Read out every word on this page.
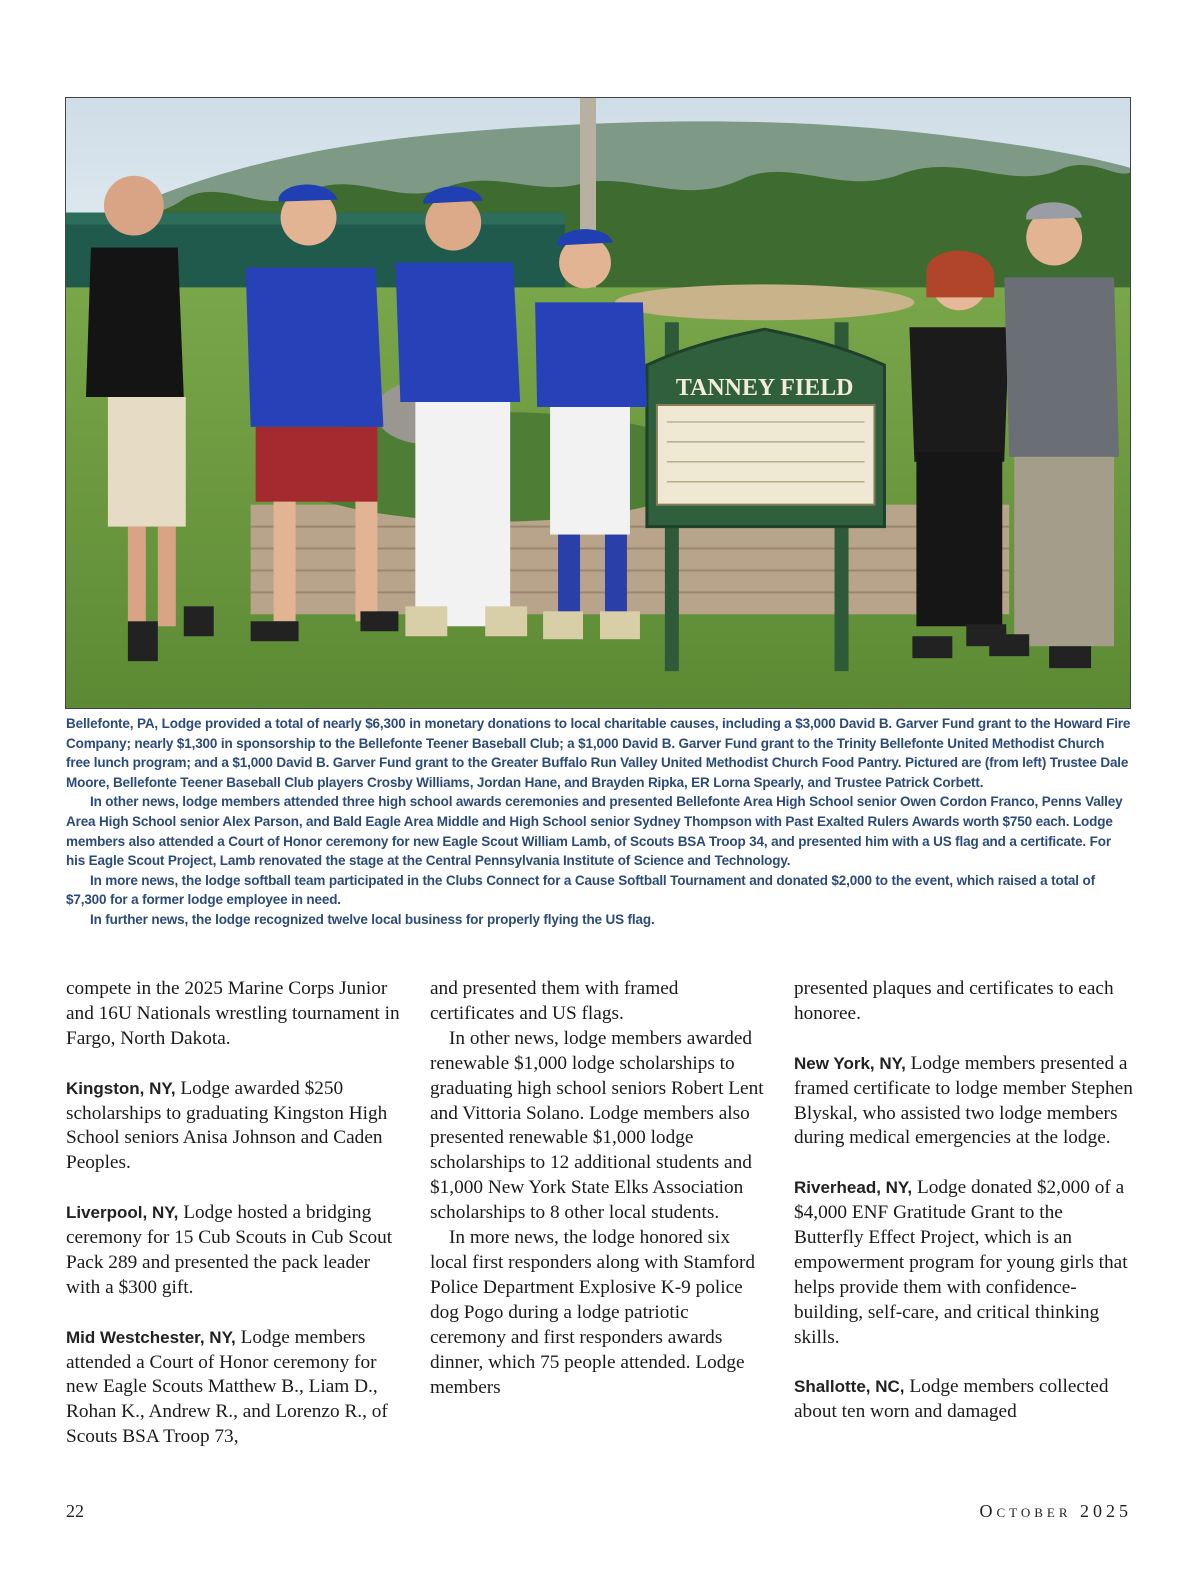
TANNEY FIELD

Bellefonte, PA, Lodge provided a total of nearly $6,300 in monetary donations to local charitable causes, including a $3,000 David B. Garver Fund grant to the Howard Fire Company; nearly $1,300 in sponsorship to the Bellefonte Teener Baseball Club; a $1,000 David B. Garver Fund grant to the Trinity Bellefonte United Methodist Church free lunch program; and a $1,000 David B. Garver Fund grant to the Greater Buffalo Run Valley United Methodist Church Food Pantry. Pictured are (from left) Trustee Dale Moore, Bellefonte Teener Baseball Club players Crosby Williams, Jordan Hane, and Brayden Ripka, ER Lorna Spearly, and Trustee Patrick Corbett.

In other news, lodge members attended three high school awards ceremonies and presented Bellefonte Area High School senior Owen Cordon Franco, Penns Valley Area High School senior Alex Parson, and Bald Eagle Area Middle and High School senior Sydney Thompson with Past Exalted Rulers Awards worth $750 each. Lodge members also attended a Court of Honor ceremony for new Eagle Scout William Lamb, of Scouts BSA Troop 34, and presented him with a US flag and a certificate. For his Eagle Scout Project, Lamb renovated the stage at the Central Pennsylvania Institute of Science and Technology.

In more news, the lodge softball team participated in the Clubs Connect for a Cause Softball Tournament and donated $2,000 to the event, which raised a total of $7,300 for a former lodge employee in need.

In further news, the lodge recognized twelve local business for properly flying the US flag.

compete in the 2025 Marine Corps Junior and 16U Nationals wrestling tournament in Fargo, North Dakota.

Kingston, NY, Lodge awarded $250 scholarships to graduating Kingston High School seniors Anisa Johnson and Caden Peoples.

Liverpool, NY, Lodge hosted a bridging ceremony for 15 Cub Scouts in Cub Scout Pack 289 and presented the pack leader with a $300 gift.

Mid Westchester, NY, Lodge members attended a Court of Honor ceremony for new Eagle Scouts Matthew B., Liam D., Rohan K., Andrew R., and Lorenzo R., of Scouts BSA Troop 73,

and presented them with framed certificates and US flags.

In other news, lodge members awarded renewable $1,000 lodge scholarships to graduating high school seniors Robert Lent and Vittoria Solano. Lodge members also presented renewable $1,000 lodge scholarships to 12 additional students and $1,000 New York State Elks Association scholarships to 8 other local students.

In more news, the lodge honored six local first responders along with Stamford Police Department Explosive K-9 police dog Pogo during a lodge patriotic ceremony and first responders awards dinner, which 75 people attended. Lodge members

presented plaques and certificates to each honoree.

New York, NY, Lodge members presented a framed certificate to lodge member Stephen Blyskal, who assisted two lodge members during medical emergencies at the lodge.

Riverhead, NY, Lodge donated $2,000 of a $4,000 ENF Gratitude Grant to the Butterfly Effect Project, which is an empowerment program for young girls that helps provide them with confidence-building, self-care, and critical thinking skills.

Shallotte, NC, Lodge members collected about ten worn and damaged

22	October 2025
